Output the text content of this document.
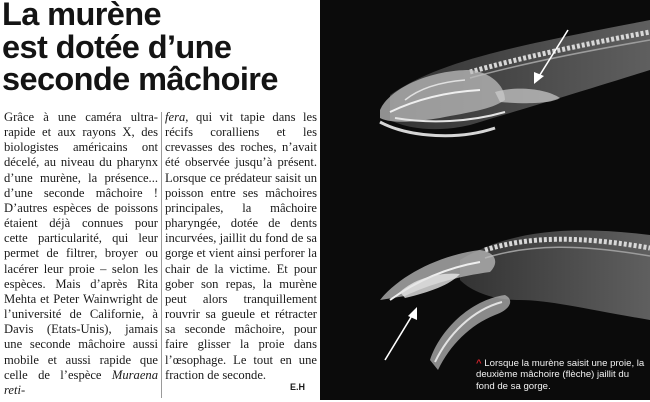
La murène
est dotée d’une
seconde mâchoire

Grâce à une caméra ultra-rapide et aux rayons X, des biologistes américains ont décelé, au niveau du pharynx d’une murène, la présence... d’une seconde mâchoire ! D’autres espèces de poissons étaient déjà connues pour cette particularité, qui leur permet de filtrer, broyer ou lacérer leur proie – selon les espèces. Mais d’après Rita Mehta et Peter Wainwright de l’université de Californie, à Davis (Etats-Unis), jamais une seconde mâchoire aussi mobile et aussi rapide que celle de l’espèce Muraena reti-

fera, qui vit tapie dans les récifs coralliens et les crevasses des roches, n’avait été observée jusqu’à présent. Lorsque ce prédateur saisit un poisson entre ses mâchoires principales, la mâchoire pharyngée, dotée de dents incurvées, jaillit du fond de sa gorge et vient ainsi perforer la chair de la victime. Et pour gober son repas, la murène peut alors tranquillement rouvrir sa gueule et rétracter sa seconde mâchoire, pour faire glisser la proie dans l’œsophage. Le tout en une fraction de seconde.

E.H
^ Lorsque la murène saisit une proie, la deuxième mâchoire (flèche) jaillit du fond de sa gorge.
